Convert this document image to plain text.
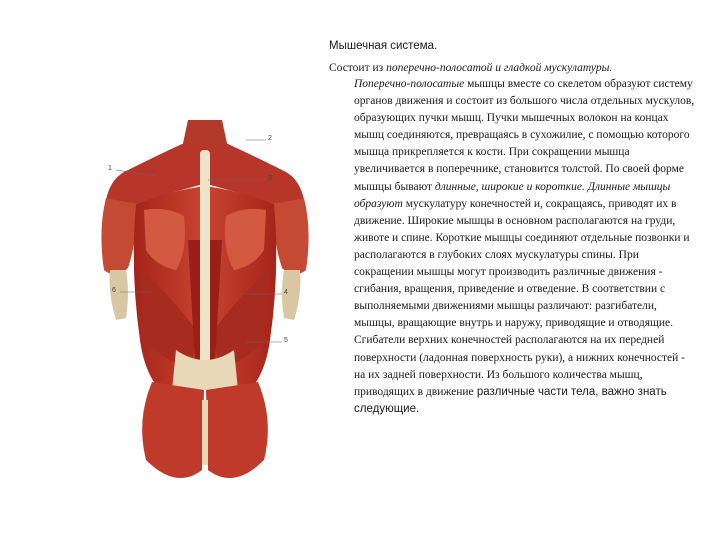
2
3
1
4
5
6

Мышечная система.

Состоит из поперечно-полосатой и гладкой мускулатуры.

Поперечно-полосатые мышцы вместе со скелетом образуют систему органов движения и состоит из большого числа отдельных мускулов, образующих пучки мышц. Пучки мышечных волокон на концах мышц соединяются, превращаясь в сухожилие, с помощью которого мышца прикрепляется к кости. При сокращении мышца увеличивается в поперечнике, становится толстой. По своей форме мышцы бывают длинные, широкие и короткие. Длинные мышцы образуют мускулатуру конечностей и, сокращаясь, приводят их в движение. Широкие мышцы в основном располагаются на груди, животе и спине. Короткие мышцы соединяют отдельные позвонки и располагаются в глубоких слоях мускулатуры спины. При сокращении мышцы могут производить различные движения - сгибания, вращения, приведение и отведение. В соответствии с выполняемыми движениями мышцы различают: разгибатели, мышцы, вращающие внутрь и наружу, приводящие и отводящие. Сгибатели верхних конечностей располагаются на их передней поверхности (ладонная поверхность руки), а нижних конечностей - на их задней поверхности. Из большого количества мышц, приводящих в движение различные части тела, важно знать следующие.
